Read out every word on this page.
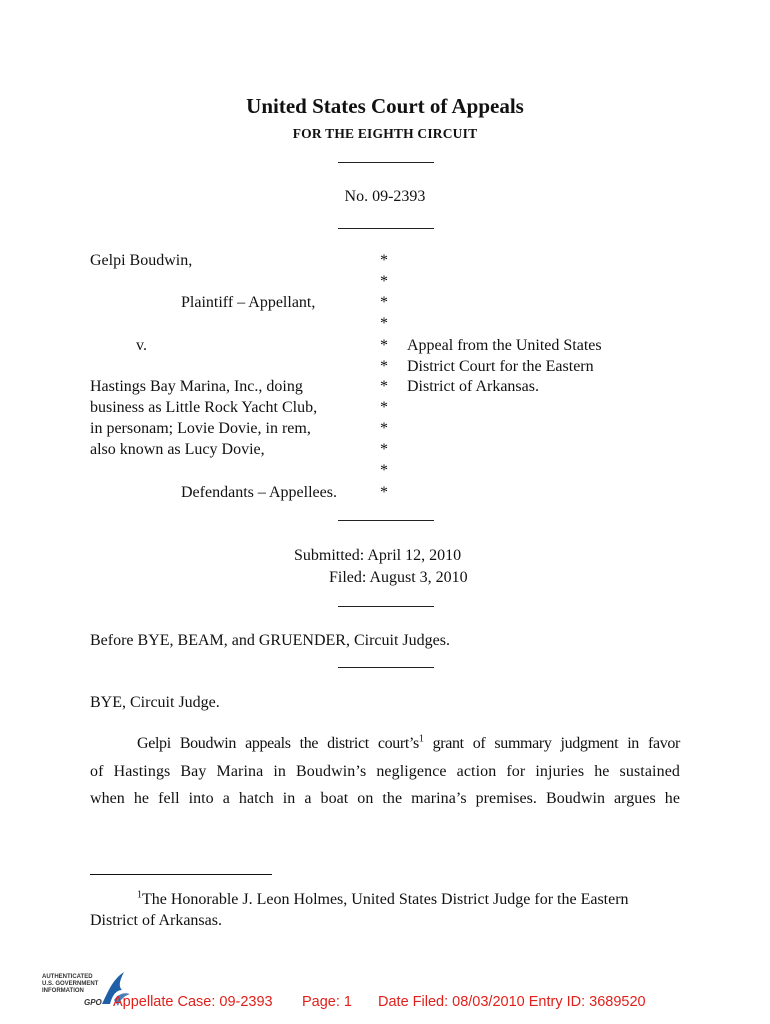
United States Court of Appeals
FOR THE EIGHTH CIRCUIT
No. 09-2393
Gelpi Boudwin,
Plaintiff – Appellant,
v.
Hastings Bay Marina, Inc., doing
business as Little Rock Yacht Club,
in personam; Lovie Dovie, in rem,
also known as Lucy Dovie,
Defendants – Appellees.
*
*
*
*
*
*
*
*
*
*
*
*
Appeal from the United States
District Court for the Eastern
District of Arkansas.
Submitted: April 12, 2010
Filed: August 3, 2010
Before BYE, BEAM, and GRUENDER, Circuit Judges.
BYE, Circuit Judge.
Gelpi Boudwin appeals the district $court’s^1$ grant of summary judgment in favor
of Hastings Bay Marina in Boudwin’s negligence action for injuries he sustained
when he fell into a hatch in a boat on the marina’s premises. Boudwin argues he
$^1$The Honorable J. Leon Holmes, United States District Judge for the Eastern
District of Arkansas.
AUTHENTICATED
U.S. GOVERNMENT
INFORMATION
GPO Appellate Case: 09-2393 Page: 1 Date Filed: 08/03/2010 Entry ID: 3689520
